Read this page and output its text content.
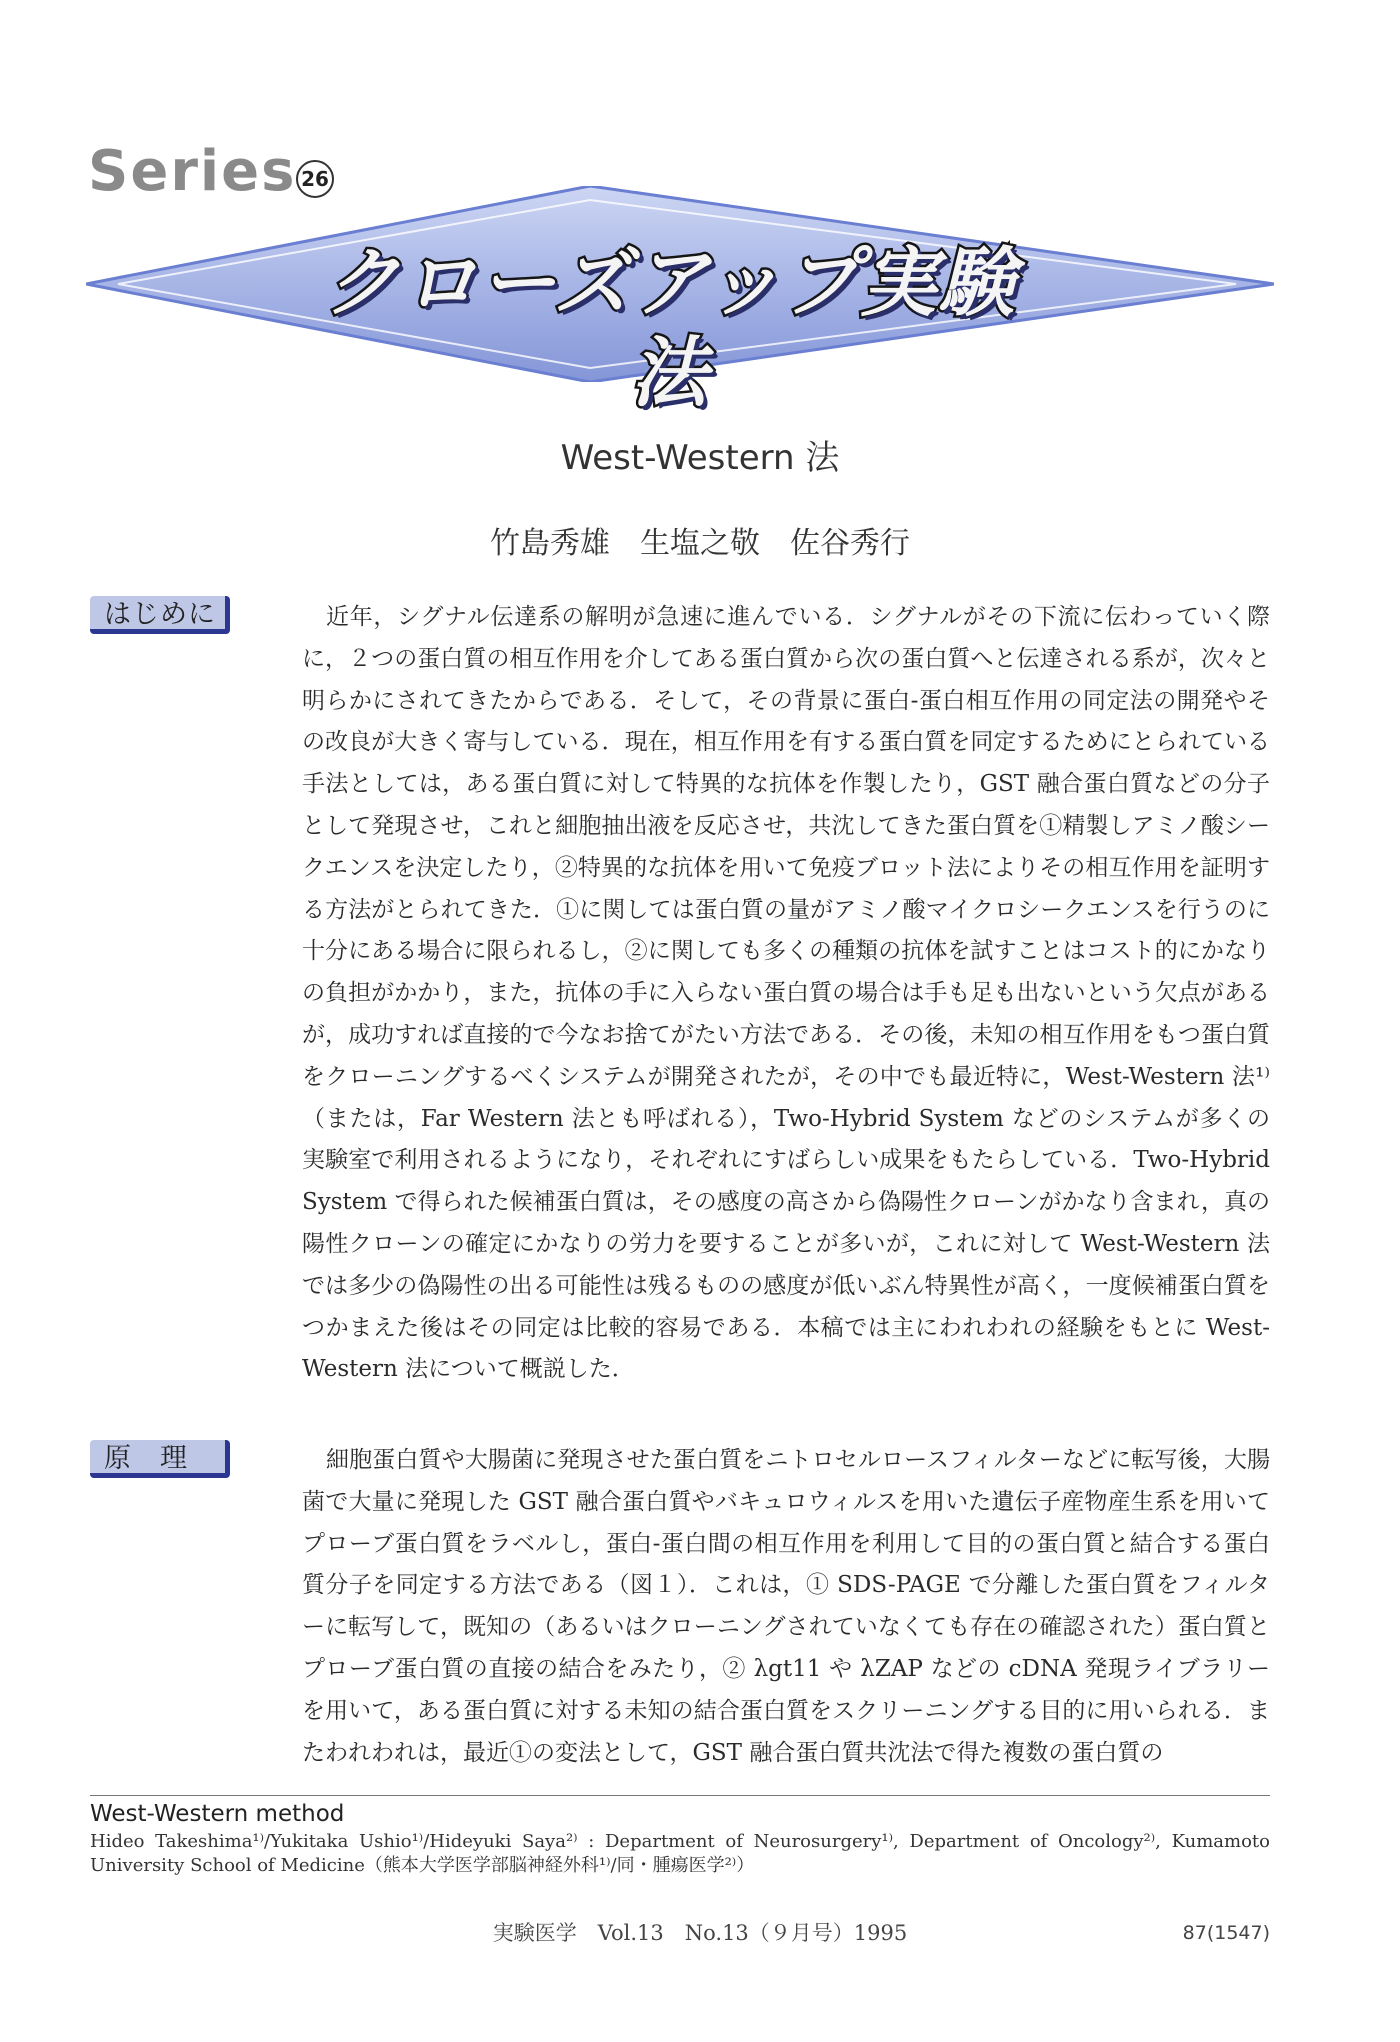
Series 26
クローズアップ実験法
West-Western 法
竹島秀雄　生塩之敬　佐谷秀行
はじめに	近年，シグナル伝達系の解明が急速に進んでいる．シグナルがその下流に伝わっていく際に，２つの蛋白質の相互作用を介してある蛋白質から次の蛋白質へと伝達される系が，次々と明らかにされてきたからである．そして，その背景に蛋白-蛋白相互作用の同定法の開発やその改良が大きく寄与している．現在，相互作用を有する蛋白質を同定するためにとられている手法としては，ある蛋白質に対して特異的な抗体を作製したり，GST 融合蛋白質などの分子として発現させ，これと細胞抽出液を反応させ，共沈してきた蛋白質を①精製しアミノ酸シークエンスを決定したり，②特異的な抗体を用いて免疫ブロット法によりその相互作用を証明する方法がとられてきた．①に関しては蛋白質の量がアミノ酸マイクロシークエンスを行うのに十分にある場合に限られるし，②に関しても多くの種類の抗体を試すことはコスト的にかなりの負担がかかり，また，抗体の手に入らない蛋白質の場合は手も足も出ないという欠点があるが，成功すれば直接的で今なお捨てがたい方法である．その後，未知の相互作用をもつ蛋白質をクローニングするべくシステムが開発されたが，その中でも最近特に，West-Western 法¹⁾（または，Far Western 法とも呼ばれる），Two-Hybrid System などのシステムが多くの実験室で利用されるようになり，それぞれにすばらしい成果をもたらしている．Two-Hybrid System で得られた候補蛋白質は，その感度の高さから偽陽性クローンがかなり含まれ，真の陽性クローンの確定にかなりの労力を要することが多いが，これに対して West-Western 法では多少の偽陽性の出る可能性は残るものの感度が低いぶん特異性が高く，一度候補蛋白質をつかまえた後はその同定は比較的容易である．本稿では主にわれわれの経験をもとに West-Western 法について概説した．

原　理	細胞蛋白質や大腸菌に発現させた蛋白質をニトロセルロースフィルターなどに転写後，大腸菌で大量に発現した GST 融合蛋白質やバキュロウィルスを用いた遺伝子産物産生系を用いてプローブ蛋白質をラベルし，蛋白-蛋白間の相互作用を利用して目的の蛋白質と結合する蛋白質分子を同定する方法である（図１）．これは，① SDS-PAGE で分離した蛋白質をフィルターに転写して，既知の（あるいはクローニングされていなくても存在の確認された）蛋白質とプローブ蛋白質の直接の結合をみたり，② λgt11 や λZAP などの cDNA 発現ライブラリーを用いて，ある蛋白質に対する未知の結合蛋白質をスクリーニングする目的に用いられる．またわれわれは，最近①の変法として，GST 融合蛋白質共沈法で得た複数の蛋白質の

West-Western method
Hideo Takeshima¹⁾/Yukitaka Ushio¹⁾/Hideyuki Saya²⁾ : Department of Neurosurgery¹⁾, Department of Oncology²⁾, Kumamoto University School of Medicine（熊本大学医学部脳神経外科¹⁾/同・腫瘍医学²⁾）
実験医学　Vol.13　No.13（９月号）1995	87(1547)
